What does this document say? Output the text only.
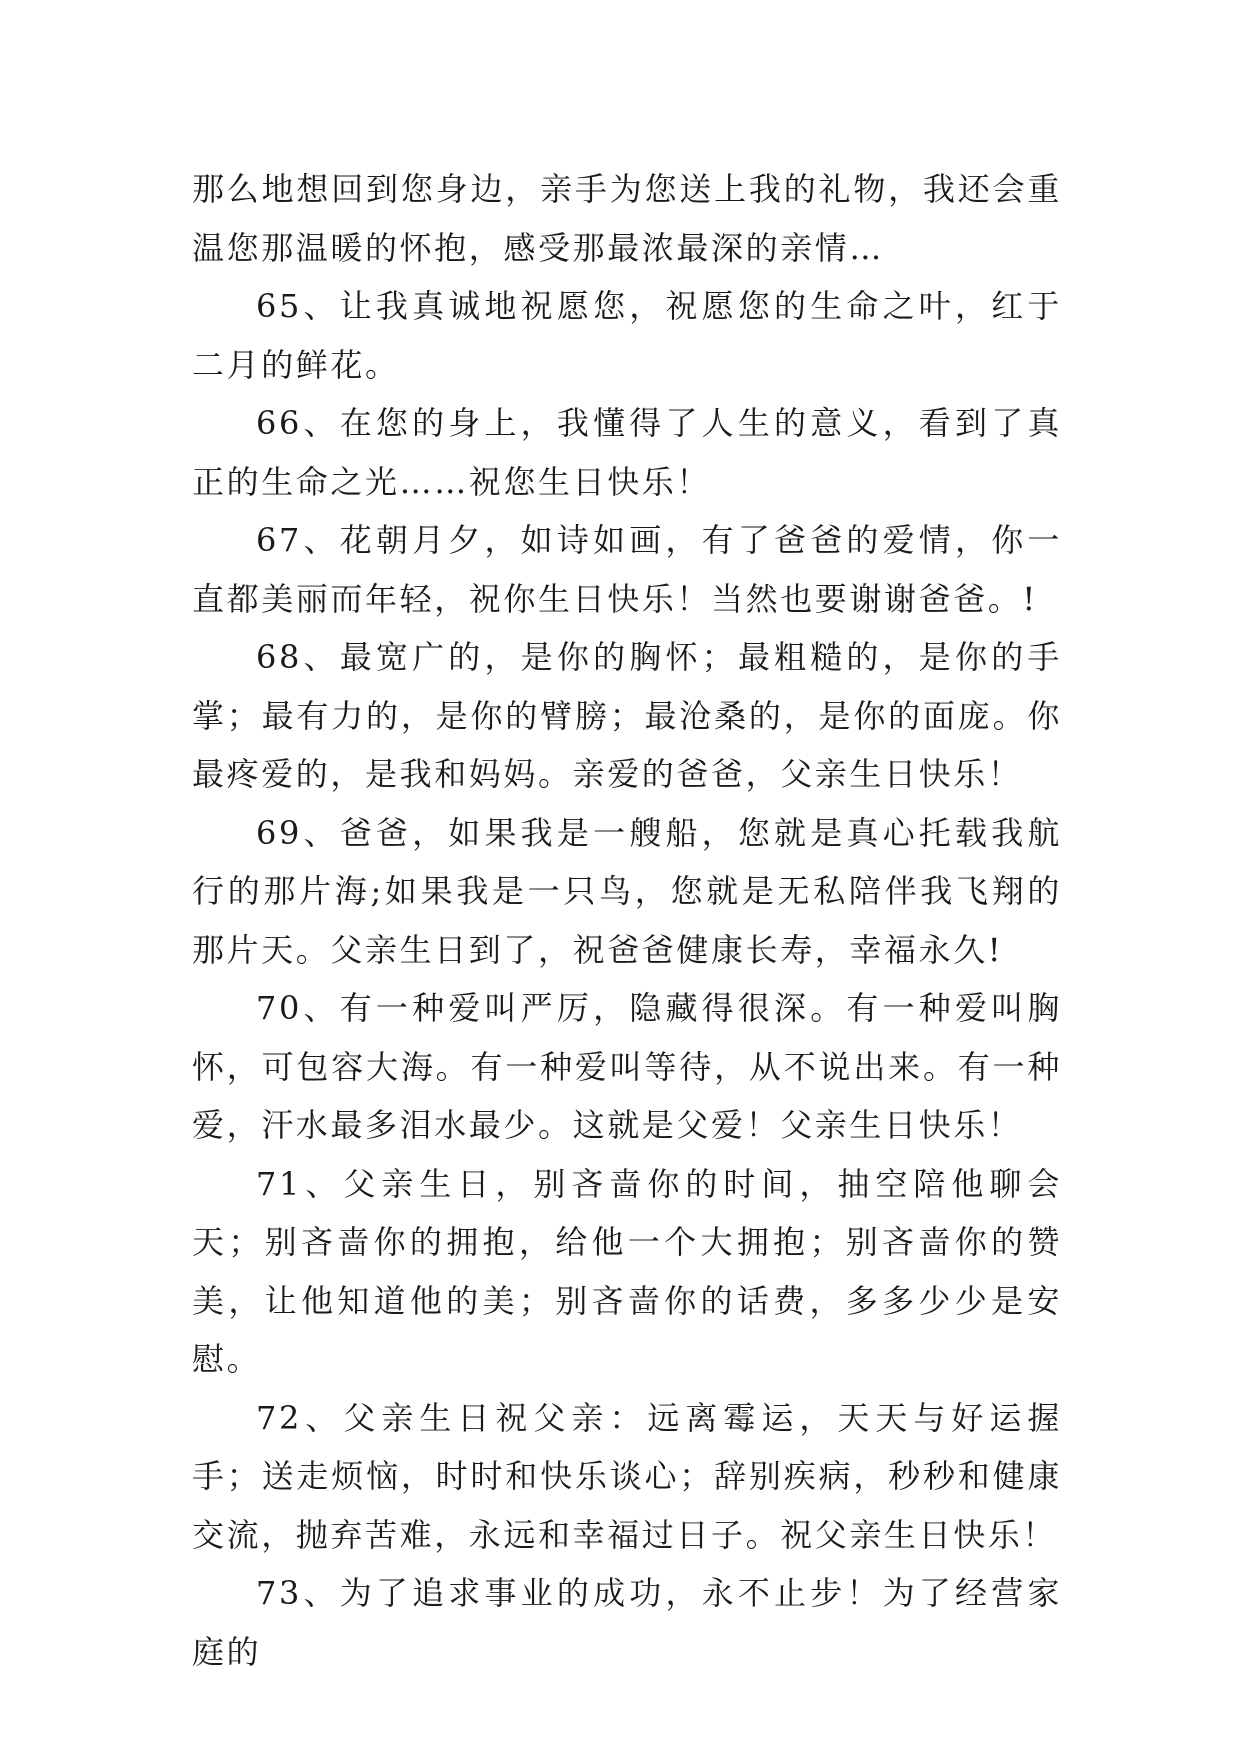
那么地想回到您身边，亲手为您送上我的礼物，我还会重温您那温暖的怀抱，感受那最浓最深的亲情…

65、让我真诚地祝愿您，祝愿您的生命之叶，红于二月的鲜花。

66、在您的身上，我懂得了人生的意义，看到了真正的生命之光……祝您生日快乐！

67、花朝月夕，如诗如画，有了爸爸的爱情，你一直都美丽而年轻，祝你生日快乐！当然也要谢谢爸爸。!

68、最宽广的，是你的胸怀；最粗糙的，是你的手掌；最有力的，是你的臂膀；最沧桑的，是你的面庞。你最疼爱的，是我和妈妈。亲爱的爸爸，父亲生日快乐！

69、爸爸，如果我是一艘船，您就是真心托载我航行的那片海;如果我是一只鸟，您就是无私陪伴我飞翔的那片天。父亲生日到了，祝爸爸健康长寿，幸福永久!

70、有一种爱叫严厉，隐藏得很深。有一种爱叫胸怀，可包容大海。有一种爱叫等待，从不说出来。有一种爱，汗水最多泪水最少。这就是父爱！父亲生日快乐！

71、父亲生日，别吝啬你的时间，抽空陪他聊会天；别吝啬你的拥抱，给他一个大拥抱；别吝啬你的赞美，让他知道他的美；别吝啬你的话费，多多少少是安慰。

72、父亲生日祝父亲：远离霉运，天天与好运握手；送走烦恼，时时和快乐谈心；辞别疾病，秒秒和健康交流，抛弃苦难，永远和幸福过日子。祝父亲生日快乐！

73、为了追求事业的成功，永不止步！为了经营家庭的
